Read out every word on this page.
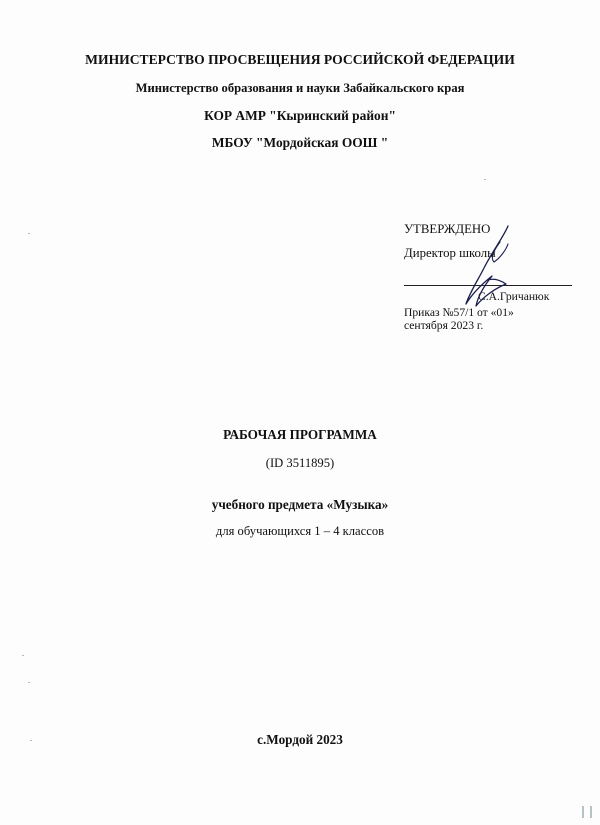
МИНИСТЕРСТВО ПРОСВЕЩЕНИЯ РОССИЙСКОЙ ФЕДЕРАЦИИ
Министерство образования и науки Забайкальского края
КОР АМР "Кыринский район"
МБОУ "Мордойская ООШ "
УТВЕРЖДЕНО
Директор школы
С.А.Гричанюк
Приказ №57/1 от «01»
сентября 2023 г.
РАБОЧАЯ ПРОГРАММА
(ID 3511895)
учебного предмета «Музыка»
для обучающихся 1 – 4 классов
с.Мордой 2023
